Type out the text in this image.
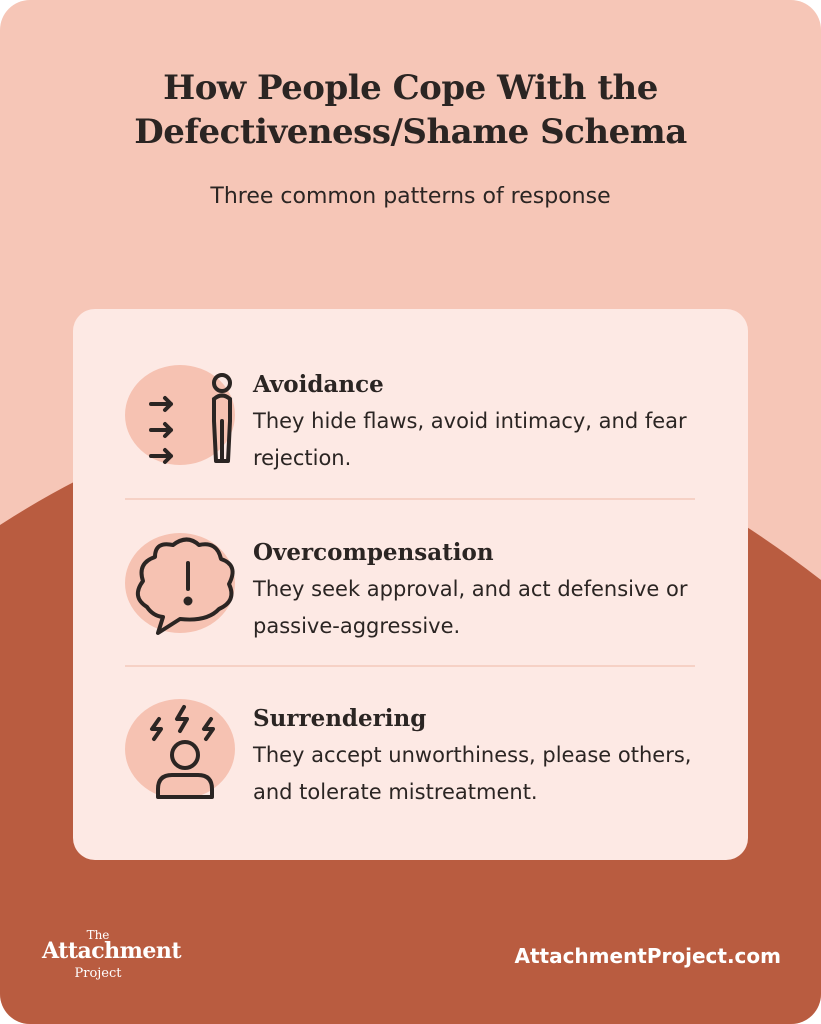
How People Cope With the
Defectiveness/Shame Schema
Three common patterns of response
Avoidance
They hide flaws, avoid intimacy, and fear rejection.
Overcompensation
They seek approval, and act defensive or passive-aggressive.
Surrendering
They accept unworthiness, please others, and tolerate mistreatment.
The
Attachment
Project
AttachmentProject.com
